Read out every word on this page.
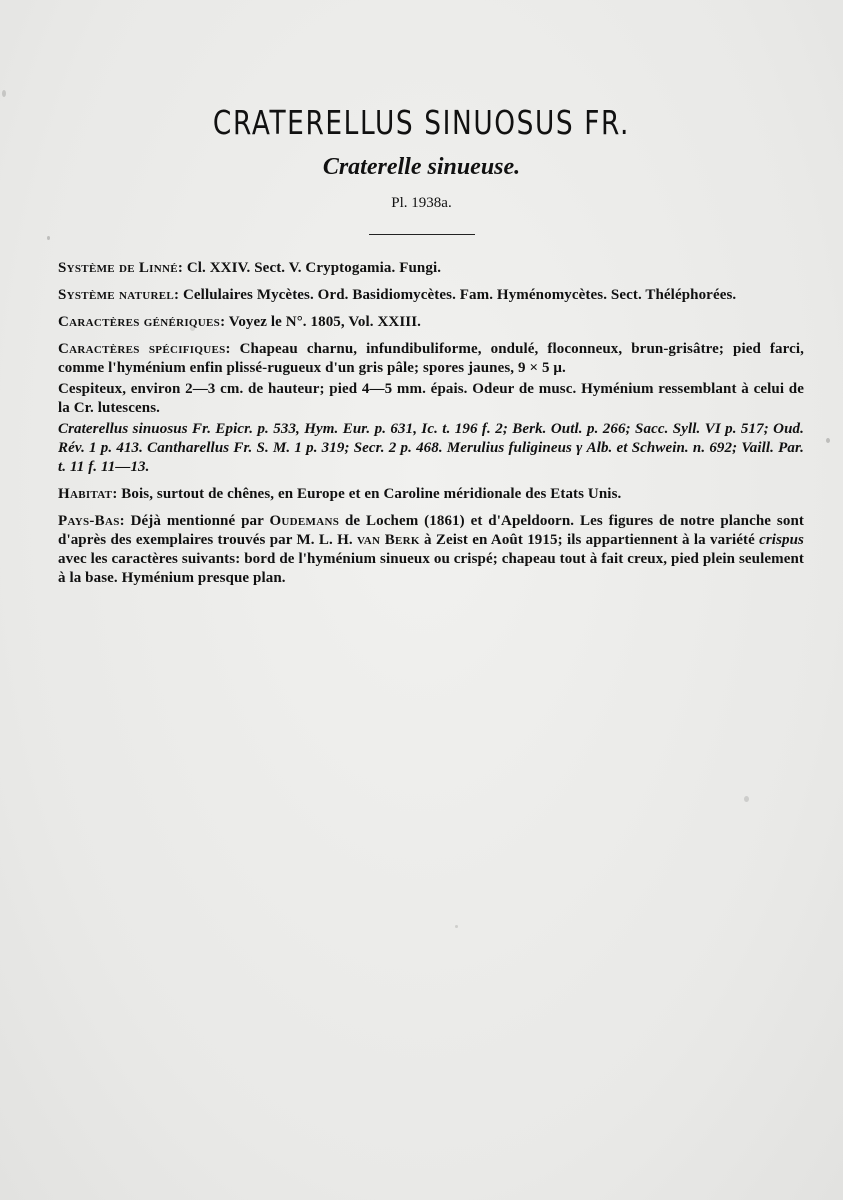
CRATERELLUS SINUOSUS FR.
Craterelle sinueuse.
Pl. 1938a.

Système de Linné: Cl. XXIV. Sect. V. Cryptogamia. Fungi.

Système naturel: Cellulaires Mycètes. Ord. Basidiomycètes. Fam. Hyménomycètes. Sect. Théléphorées.

Caractères génériques: Voyez le N°. 1805, Vol. XXIII.

Caractères spécifiques: Chapeau charnu, infundibuliforme, ondulé, floconneux, brun-grisâtre; pied farci, comme l'hyménium enfin plissé-rugueux d'un gris pâle; spores jaunes, 9 × 5 μ.

Cespiteux, environ 2—3 cm. de hauteur; pied 4—5 mm. épais. Odeur de musc. Hyménium ressemblant à celui de la Cr. lutescens.

Craterellus sinuosus Fr. Epicr. p. 533, Hym. Eur. p. 631, Ic. t. 196 f. 2; Berk. Outl. p. 266; Sacc. Syll. VI p. 517; Oud. Rév. 1 p. 413. Cantharellus Fr. S. M. 1 p. 319; Secr. 2 p. 468. Merulius fuligineus γ Alb. et Schwein. n. 692; Vaill. Par. t. 11 f. 11—13.

Habitat: Bois, surtout de chênes, en Europe et en Caroline méridionale des Etats Unis.

Pays-Bas: Déjà mentionné par Oudemans de Lochem (1861) et d'Apeldoorn. Les figures de notre planche sont d'après des exemplaires trouvés par M. L. H. van Berk à Zeist en Août 1915; ils appartiennent à la variété crispus avec les caractères suivants: bord de l'hyménium sinueux ou crispé; chapeau tout à fait creux, pied plein seulement à la base. Hyménium presque plan.
